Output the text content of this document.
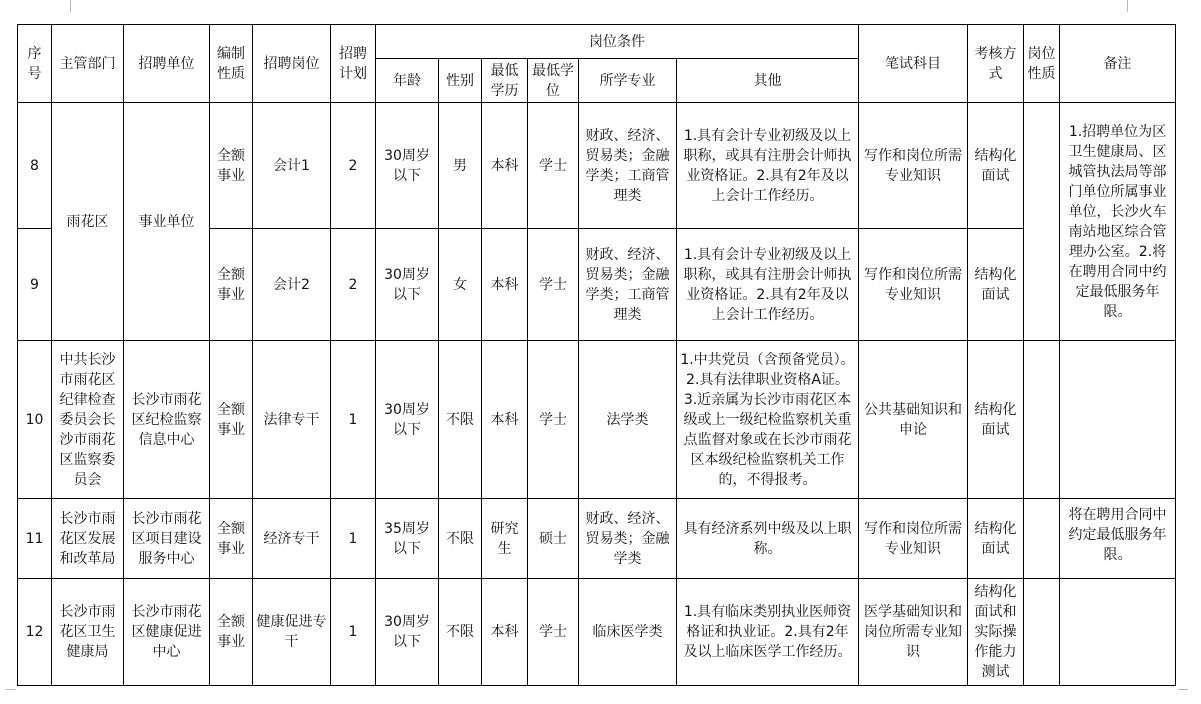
序号	主管部门	招聘单位	编制性质	招聘岗位	招聘计划	岗位条件						笔试科目	考核方式	岗位性质	备注
						年龄	性别	最低学历	最低学位	所学专业	其他				
8	雨花区	事业单位	全额事业	会计1	2	30周岁以下	男	本科	学士	财政、经济、贸易类；金融学类；工商管理类	1.具有会计专业初级及以上职称，或具有注册会计师执业资格证。2.具有2年及以上会计工作经历。	写作和岗位所需专业知识	结构化面试		1.招聘单位为区卫生健康局、区城管执法局等部门单位所属事业单位，长沙火车南站地区综合管理办公室。2.将在聘用合同中约定最低服务年限。
9			全额事业	会计2	2	30周岁以下	女	本科	学士	财政、经济、贸易类；金融学类；工商管理类	1.具有会计专业初级及以上职称，或具有注册会计师执业资格证。2.具有2年及以上会计工作经历。	写作和岗位所需专业知识	结构化面试		
10	中共长沙市雨花区纪律检查委员会长沙市雨花区监察委员会	长沙市雨花区纪检监察信息中心	全额事业	法律专干	1	30周岁以下	不限	本科	学士	法学类	1.中共党员（含预备党员）。2.具有法律职业资格A证。3.近亲属为长沙市雨花区本级或上一级纪检监察机关重点监督对象或在长沙市雨花区本级纪检监察机关工作的，不得报考。	公共基础知识和申论	结构化面试		
11	长沙市雨花区发展和改革局	长沙市雨花区项目建设服务中心	全额事业	经济专干	1	35周岁以下	不限	研究生	硕士	财政、经济、贸易类；金融学类	具有经济系列中级及以上职称。	写作和岗位所需专业知识	结构化面试		将在聘用合同中约定最低服务年限。
12	长沙市雨花区卫生健康局	长沙市雨花区健康促进中心	全额事业	健康促进专干	1	30周岁以下	不限	本科	学士	临床医学类	1.具有临床类别执业医师资格证和执业证。2.具有2年及以上临床医学工作经历。	医学基础知识和岗位所需专业知识	结构化面试和实际操作能力测试		
